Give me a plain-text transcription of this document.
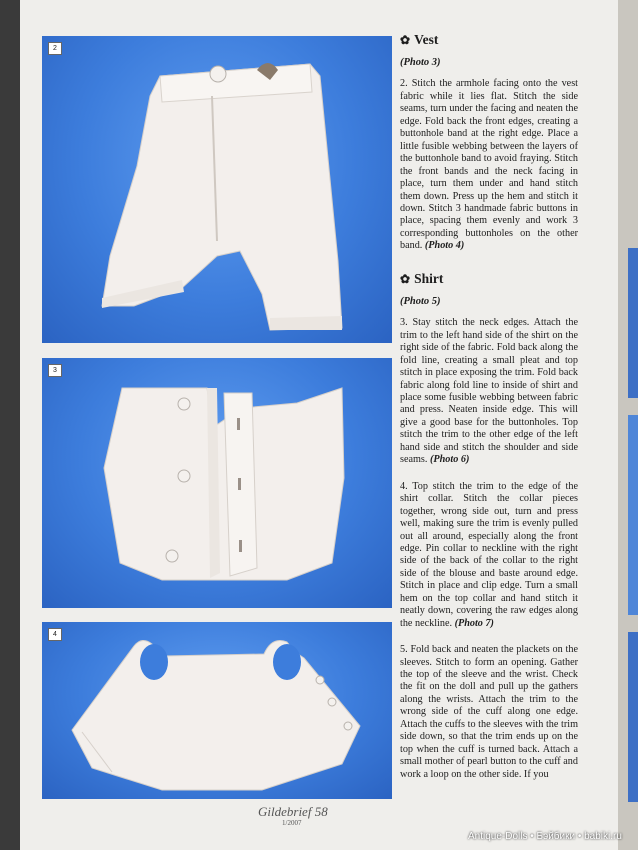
2
3
4

✿ Vest

(Photo 3)

2. Stitch the armhole facing onto the vest fabric while it lies flat. Stitch the side seams, turn under the facing and neaten the edge. Fold back the front edges, creating a buttonhole band at the right edge. Place a little fusible webbing between the layers of the buttonhole band to avoid fraying. Stitch the front bands and the neck facing in place, turn them under and hand stitch them down. Press up the hem and stitch it down. Stitch 3 handmade fabric buttons in place, spacing them evenly and work 3 corresponding buttonholes on the other band. (Photo 4)

✿ Shirt

(Photo 5)

3. Stay stitch the neck edges. Attach the trim to the left hand side of the shirt on the right side of the fabric. Fold back along the fold line, creating a small pleat and top stitch in place exposing the trim. Fold back fabric along fold line to inside of shirt and place some fusible webbing between fabric and press. Neaten inside edge. This will give a good base for the buttonholes. Top stitch the trim to the other edge of the left hand side and stitch the shoulder and side seams. (Photo 6)

4. Top stitch the trim to the edge of the shirt collar. Stitch the collar pieces together, wrong side out, turn and press well, making sure the trim is evenly pulled out all around, especially along the front edge. Pin collar to neckline with the right side of the back of the collar to the right side of the blouse and baste around edge. Stitch in place and clip edge. Turn a small hem on the top collar and hand stitch it neatly down, covering the raw edges along the neckline. (Photo 7)

5. Fold back and neaten the plackets on the sleeves. Stitch to form an opening. Gather the top of the sleeve and the wrist. Check the fit on the doll and pull up the gathers along the wrists. Attach the trim to the wrong side of the cuff along one edge. Attach the cuffs to the sleeves with the trim side down, so that the trim ends up on the top when the cuff is turned back. Attach a small mother of pearl button to the cuff and work a loop on the other side. If you

Gildebrief 58
1/2007
Antique-Dolls • Бэйбики • babiki.ru
